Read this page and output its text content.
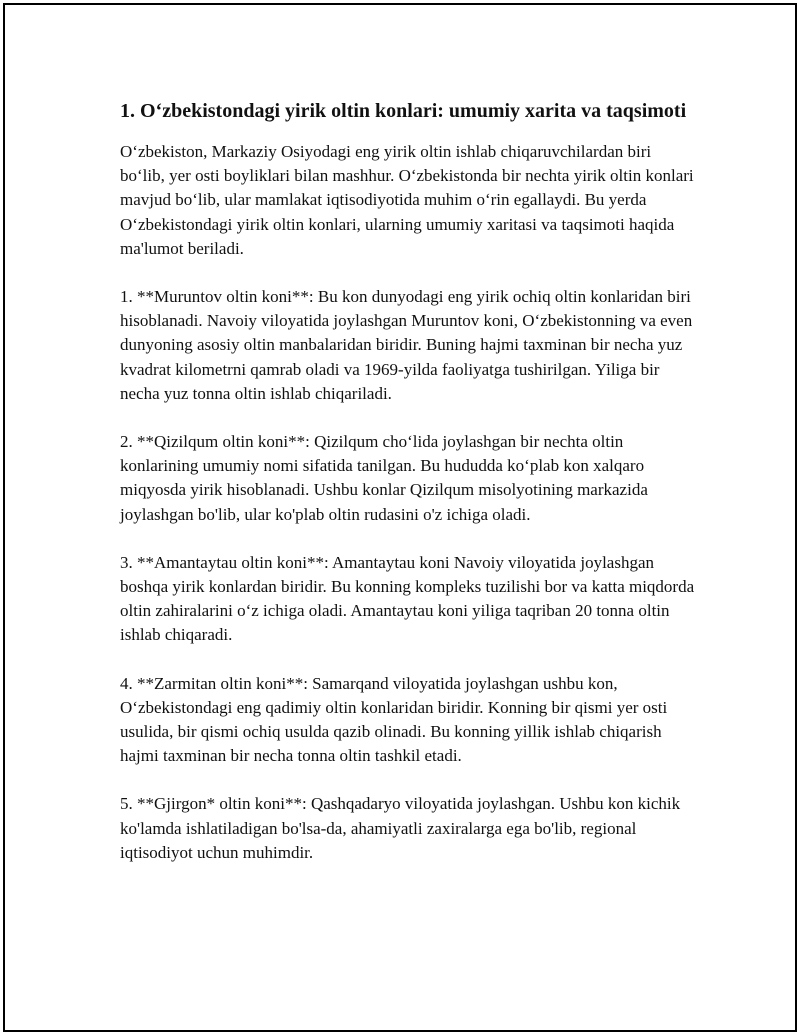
1. O‘zbekistondagi yirik oltin konlari: umumiy xarita va taqsimoti

O‘zbekiston, Markaziy Osiyodagi eng yirik oltin ishlab chiqaruvchilardan biri bo‘lib, yer osti boyliklari bilan mashhur. O‘zbekistonda bir nechta yirik oltin konlari mavjud bo‘lib, ular mamlakat iqtisodiyotida muhim o‘rin egallaydi. Bu yerda O‘zbekistondagi yirik oltin konlari, ularning umumiy xaritasi va taqsimoti haqida ma'lumot beriladi.

1. **Muruntov oltin koni**: Bu kon dunyodagi eng yirik ochiq oltin konlaridan biri hisoblanadi. Navoiy viloyatida joylashgan Muruntov koni, O‘zbekistonning va even dunyoning asosiy oltin manbalaridan biridir. Buning hajmi taxminan bir necha yuz kvadrat kilometrni qamrab oladi va 1969-yilda faoliyatga tushirilgan. Yiliga bir necha yuz tonna oltin ishlab chiqariladi.

2. **Qizilqum oltin koni**: Qizilqum cho‘lida joylashgan bir nechta oltin konlarining umumiy nomi sifatida tanilgan. Bu hududda ko‘plab kon xalqaro miqyosda yirik hisoblanadi. Ushbu konlar Qizilqum misolyotining markazida joylashgan bo'lib, ular ko'plab oltin rudasini o'z ichiga oladi.

3. **Amantaytau oltin koni**: Amantaytau koni Navoiy viloyatida joylashgan boshqa yirik konlardan biridir. Bu konning kompleks tuzilishi bor va katta miqdorda oltin zahiralarini o‘z ichiga oladi. Amantaytau koni yiliga taqriban 20 tonna oltin ishlab chiqaradi.

4. **Zarmitan oltin koni**: Samarqand viloyatida joylashgan ushbu kon, O‘zbekistondagi eng qadimiy oltin konlaridan biridir. Konning bir qismi yer osti usulida, bir qismi ochiq usulda qazib olinadi. Bu konning yillik ishlab chiqarish hajmi taxminan bir necha tonna oltin tashkil etadi.

5. **Gjirgon* oltin koni**: Qashqadaryo viloyatida joylashgan. Ushbu kon kichik ko'lamda ishlatiladigan bo'lsa-da, ahamiyatli zaxiralarga ega bo'lib, regional iqtisodiyot uchun muhimdir.
